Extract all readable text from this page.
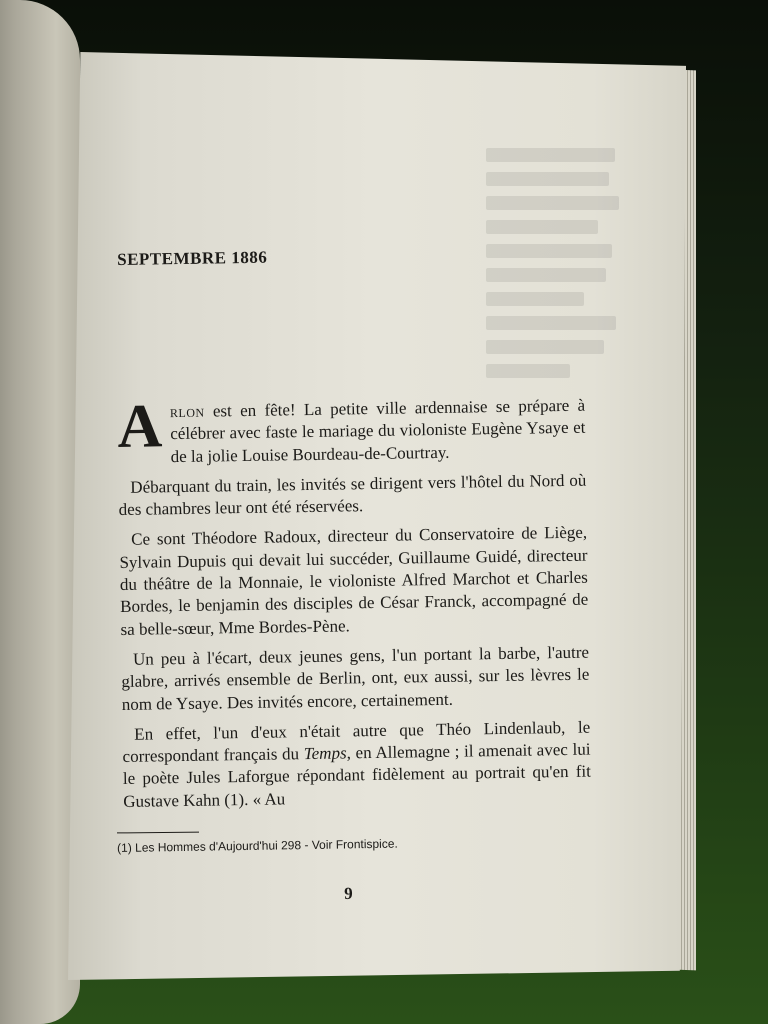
SEPTEMBRE 1886

Arlon est en fête! La petite ville ardennaise se prépare à célébrer avec faste le mariage du violoniste Eugène Ysaye et de la jolie Louise Bourdeau-de-Courtray.

Débarquant du train, les invités se dirigent vers l'hôtel du Nord où des chambres leur ont été réservées.

Ce sont Théodore Radoux, directeur du Conservatoire de Liège, Sylvain Dupuis qui devait lui succéder, Guillaume Guidé, directeur du théâtre de la Monnaie, le violoniste Alfred Marchot et Charles Bordes, le benjamin des disciples de César Franck, accompagné de sa belle-sœur, Mme Bordes-Pène.

Un peu à l'écart, deux jeunes gens, l'un portant la barbe, l'autre glabre, arrivés ensemble de Berlin, ont, eux aussi, sur les lèvres le nom de Ysaye. Des invités encore, certainement.

En effet, l'un d'eux n'était autre que Théo Lindenlaub, le correspondant français du Temps, en Allemagne ; il amenait avec lui le poète Jules Laforgue répondant fidèlement au portrait qu'en fit Gustave Kahn (1). « Au

(1) Les Hommes d'Aujourd'hui 298 - Voir Frontispice.
9
